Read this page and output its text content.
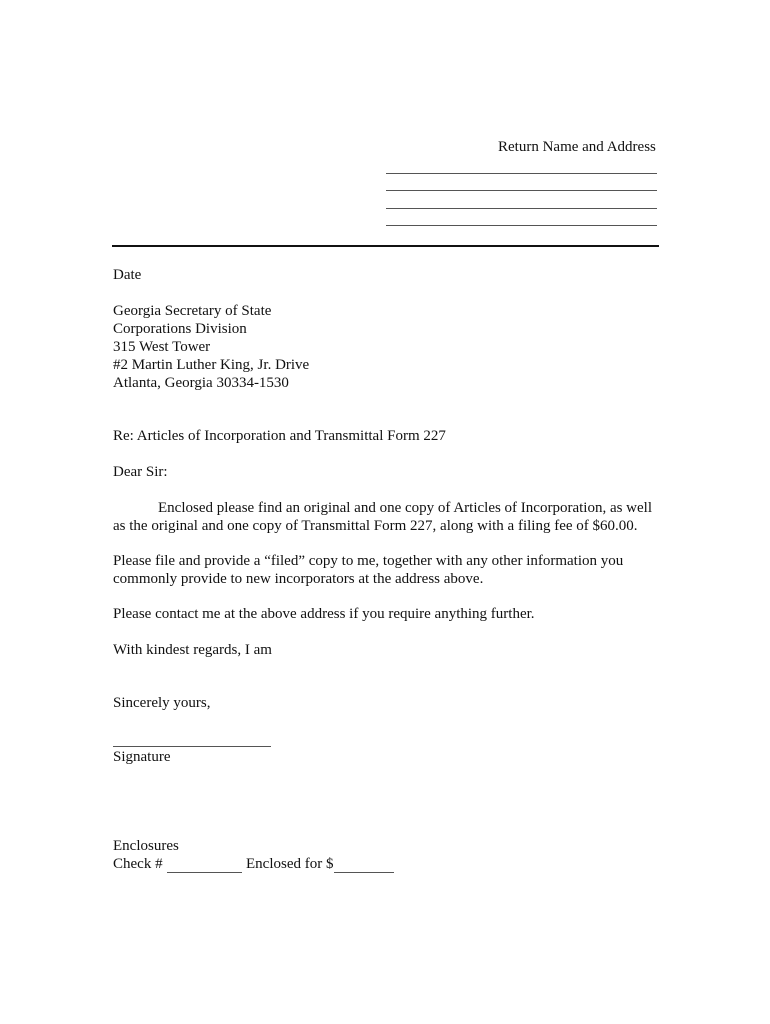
Return Name and Address
Date
Georgia Secretary of State
Corporations Division
315 West Tower
#2 Martin Luther King, Jr. Drive
Atlanta, Georgia 30334-1530
Re: Articles of Incorporation and Transmittal Form 227
Dear Sir:
Enclosed please find an original and one copy of Articles of Incorporation, as well
as the original and one copy of Transmittal Form 227, along with a filing fee of $60.00.
Please file and provide a “filed” copy to me, together with any other information you
commonly provide to new incorporators at the address above.
Please contact me at the above address if you require anything further.
With kindest regards, I am
Sincerely yours,
Signature
Enclosures
Check #	Enclosed for $
